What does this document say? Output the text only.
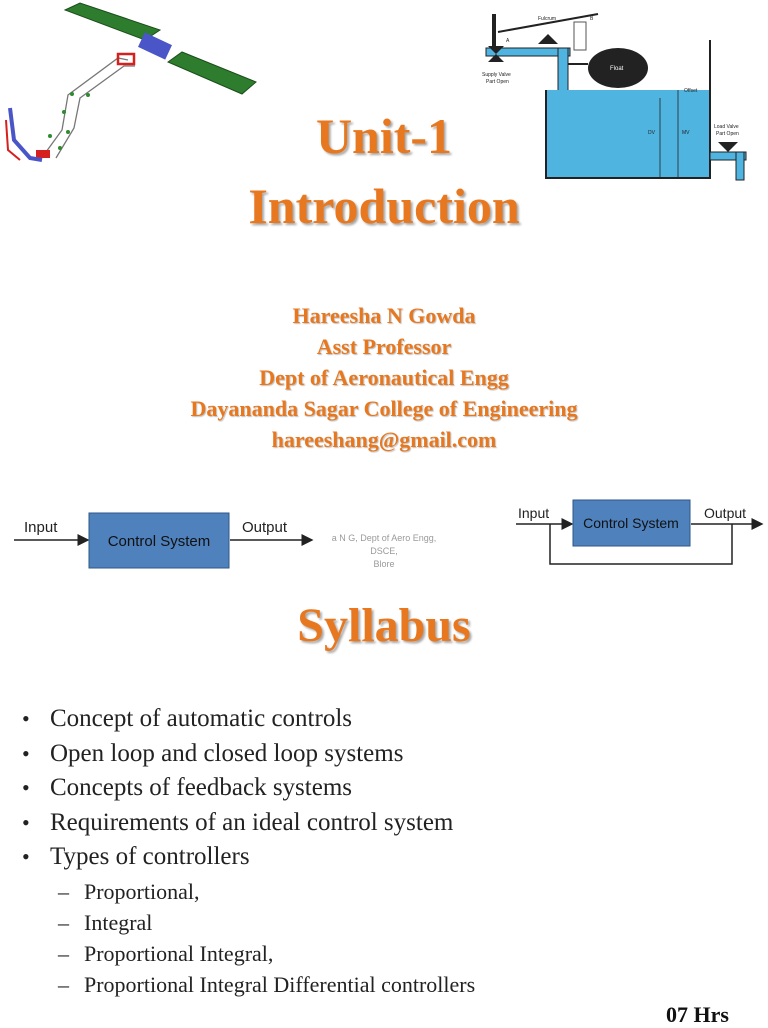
Fulcrum	B
A
Supply Valve
Part Open
Float
DV	MV
Offset
Load Valve
Part Open
Unit-1
Introduction
Hareesha N Gowda
Asst Professor
Dept of Aeronautical Engg
Dayananda Sagar College of Engineering
hareeshang@gmail.com
Input
Control System
Output
a N G, Dept of Aero Engg, DSCE,
Blore
Input
Control System
Output
Syllabus
• Concept of automatic controls
• Open loop and closed loop systems
• Concepts of feedback systems
• Requirements of an ideal control system
• Types of controllers
– Proportional,
– Integral
– Proportional Integral,
– Proportional Integral Differential controllers
07 Hrs
